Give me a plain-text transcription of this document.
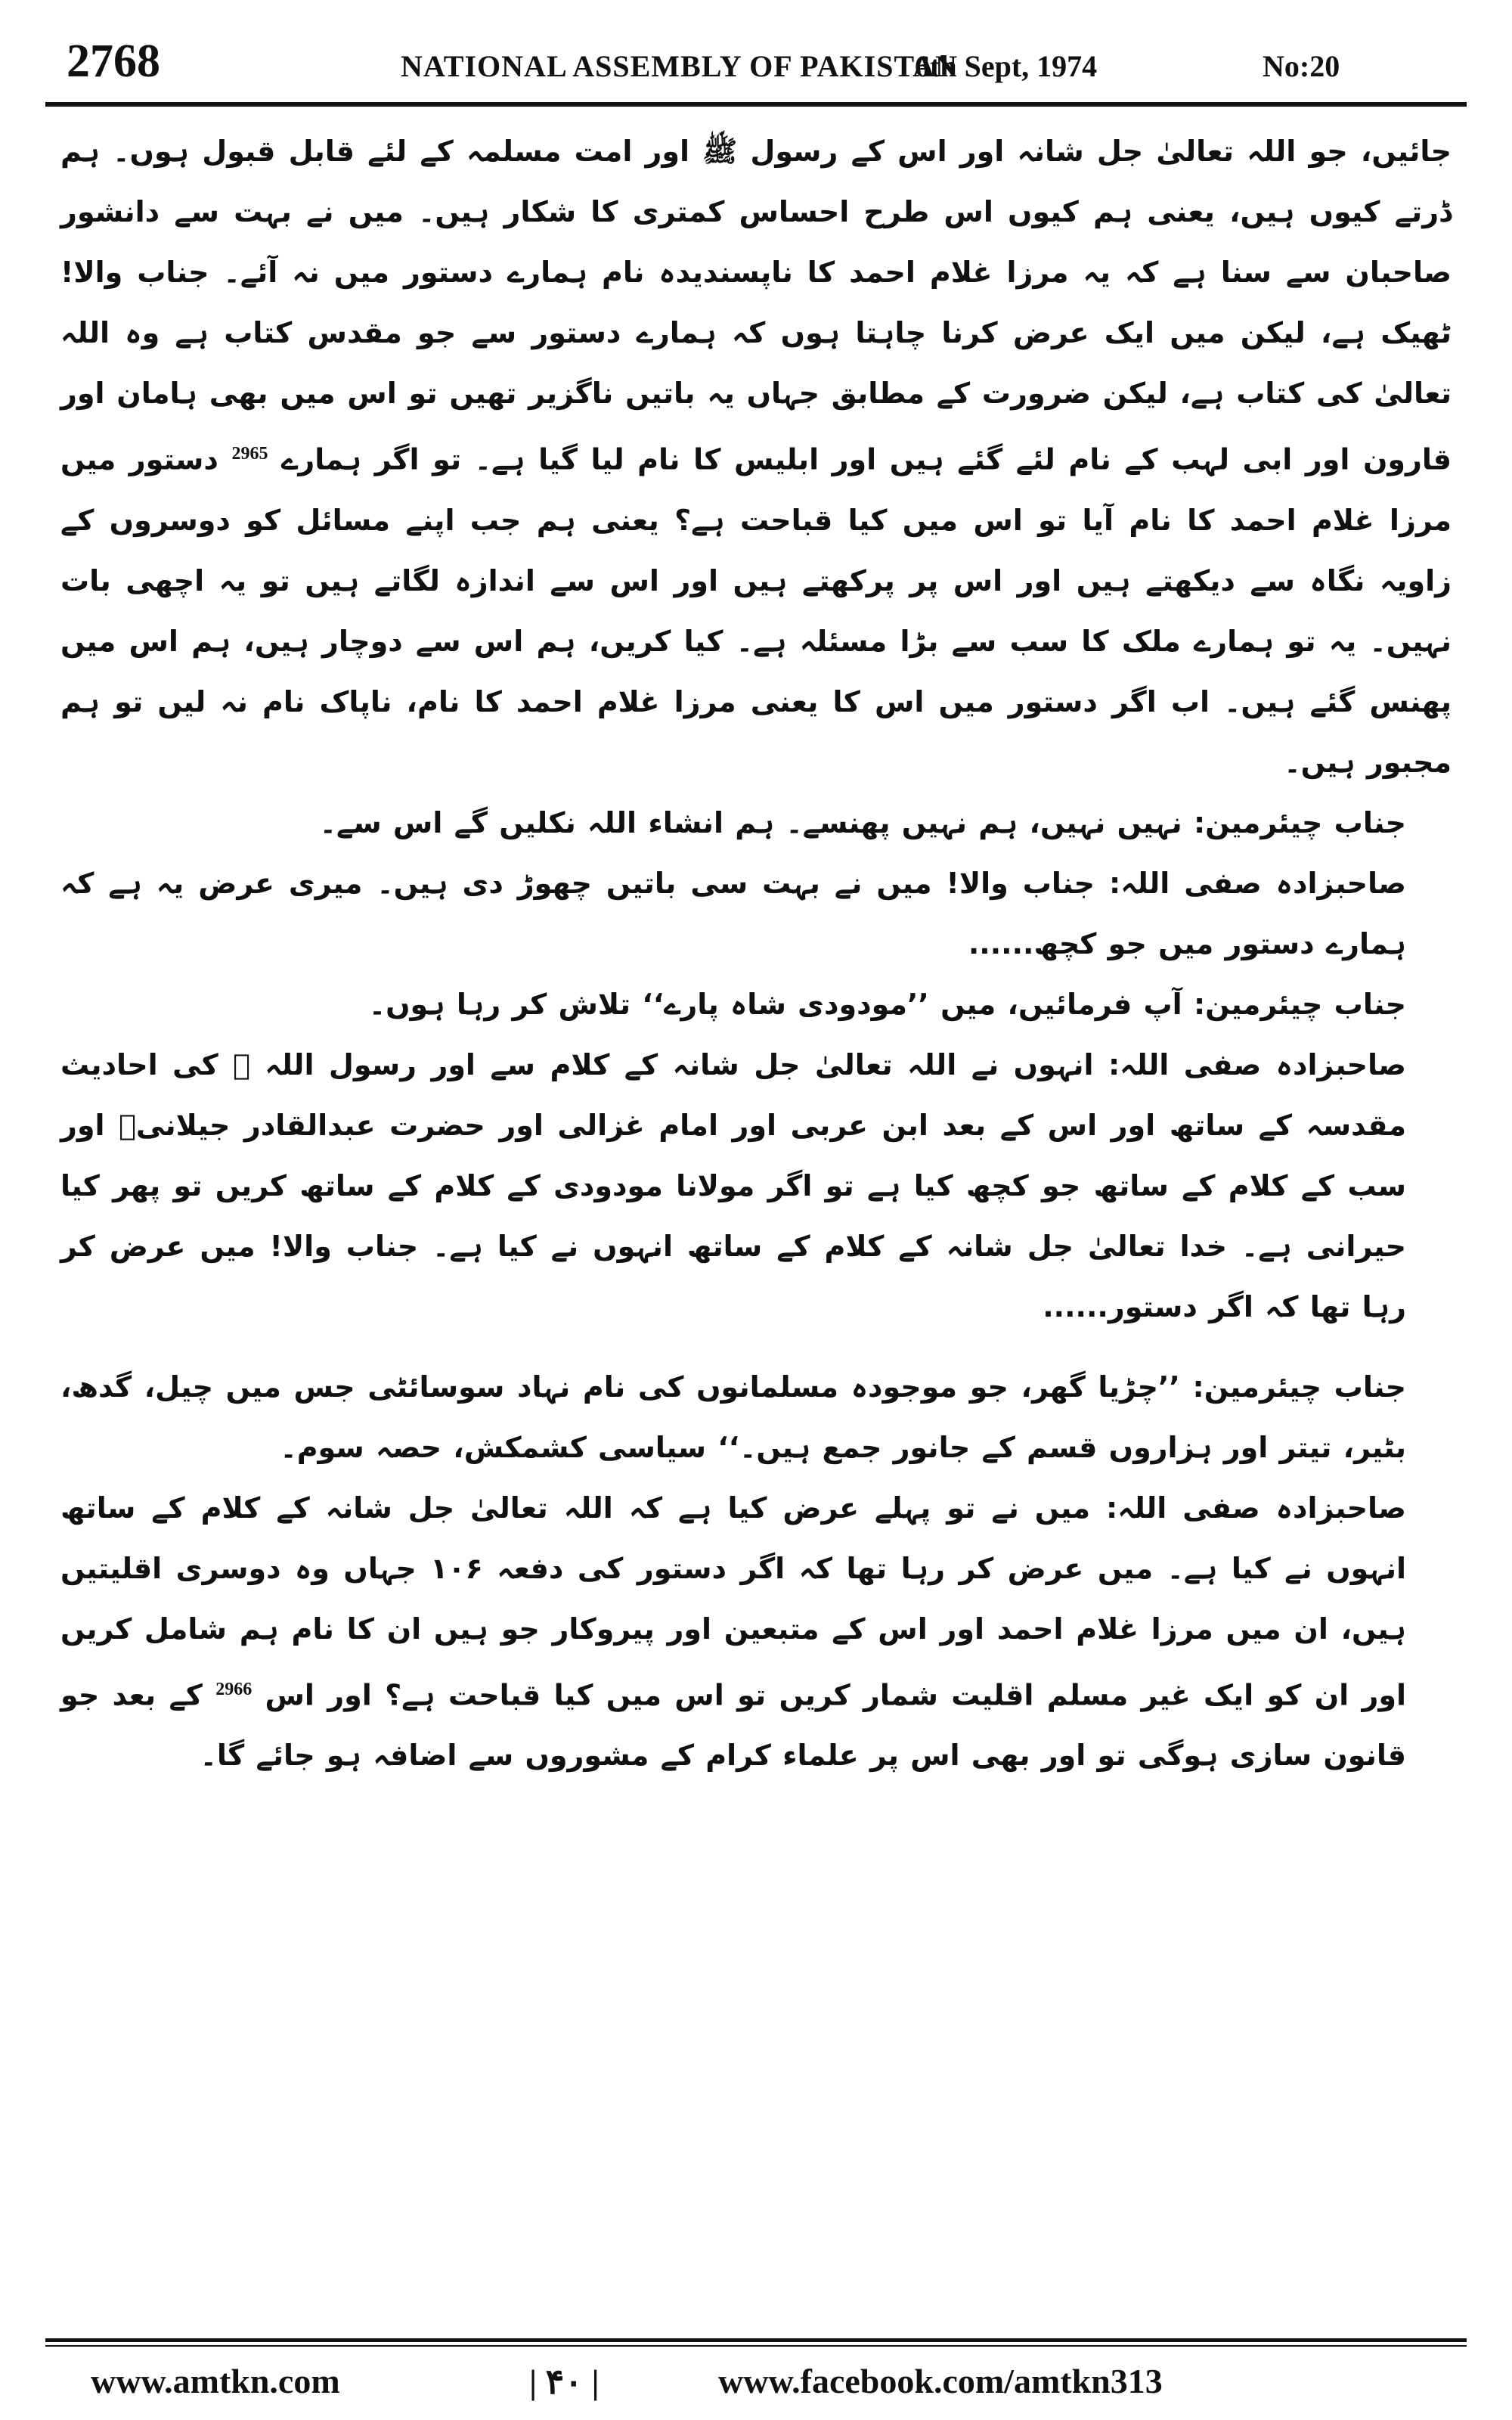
2768	NATIONAL ASSEMBLY OF PAKISTAN
6th Sept, 1974	No:20

جائیں، جو اللہ تعالیٰ جل شانہ اور اس کے رسول ﷺ اور امت مسلمہ کے لئے قابل قبول ہوں۔ ہم ڈرتے کیوں ہیں، یعنی ہم کیوں اس طرح احساس کمتری کا شکار ہیں۔ میں نے بہت سے دانشور صاحبان سے سنا ہے کہ یہ مرزا غلام احمد کا ناپسندیدہ نام ہمارے دستور میں نہ آئے۔ جناب والا! ٹھیک ہے، لیکن میں ایک عرض کرنا چاہتا ہوں کہ ہمارے دستور سے جو مقدس کتاب ہے وہ اللہ تعالیٰ کی کتاب ہے، لیکن ضرورت کے مطابق جہاں یہ باتیں ناگزیر تھیں تو اس میں بھی ہامان اور قارون اور ابی لہب کے نام لئے گئے ہیں اور ابلیس کا نام لیا گیا ہے۔ تو اگر ہمارے $^{2965}$ دستور میں مرزا غلام احمد کا نام آیا تو اس میں کیا قباحت ہے؟ یعنی ہم جب اپنے مسائل کو دوسروں کے زاویہ نگاہ سے دیکھتے ہیں اور اس پر پرکھتے ہیں اور اس سے اندازہ لگاتے ہیں تو یہ اچھی بات نہیں۔ یہ تو ہمارے ملک کا سب سے بڑا مسئلہ ہے۔ کیا کریں، ہم اس سے دوچار ہیں، ہم اس میں پھنس گئے ہیں۔ اب اگر دستور میں اس کا یعنی مرزا غلام احمد کا نام، ناپاک نام نہ لیں تو ہم مجبور ہیں۔

جناب چیئرمین: نہیں نہیں، ہم نہیں پھنسے۔ ہم انشاء اللہ نکلیں گے اس سے۔

صاحبزادہ صفی اللہ: جناب والا! میں نے بہت سی باتیں چھوڑ دی ہیں۔ میری عرض یہ ہے کہ ہمارے دستور میں جو کچھ......

جناب چیئرمین: آپ فرمائیں، میں ’’مودودی شاہ پارے‘‘ تلاش کر رہا ہوں۔

صاحبزادہ صفی اللہ: انہوں نے اللہ تعالیٰ جل شانہ کے کلام سے اور رسول اللہ ﷺ کی احادیث مقدسہ کے ساتھ اور اس کے بعد ابن عربی اور امام غزالی اور حضرت عبدالقادر جیلانیؒ اور سب کے کلام کے ساتھ جو کچھ کیا ہے تو اگر مولانا مودودی کے کلام کے ساتھ کریں تو پھر کیا حیرانی ہے۔ خدا تعالیٰ جل شانہ کے کلام کے ساتھ انہوں نے کیا ہے۔ جناب والا! میں عرض کر رہا تھا کہ اگر دستور......

جناب چیئرمین: ’’چڑیا گھر، جو موجودہ مسلمانوں کی نام نہاد سوسائٹی جس میں چیل، گدھ، بٹیر، تیتر اور ہزاروں قسم کے جانور جمع ہیں۔‘‘ سیاسی کشمکش، حصہ سوم۔

صاحبزادہ صفی اللہ: میں نے تو پہلے عرض کیا ہے کہ اللہ تعالیٰ جل شانہ کے کلام کے ساتھ انہوں نے کیا ہے۔ میں عرض کر رہا تھا کہ اگر دستور کی دفعہ ۱۰۶ جہاں وہ دوسری اقلیتیں ہیں، ان میں مرزا غلام احمد اور اس کے متبعین اور پیروکار جو ہیں ان کا نام ہم شامل کریں اور ان کو ایک غیر مسلم اقلیت شمار کریں تو اس میں کیا قباحت ہے؟ اور اس $^{2966}$ کے بعد جو قانون سازی ہوگی تو اور بھی اس پر علماء کرام کے مشوروں سے اضافہ ہو جائے گا۔

www.amtkn.com	| ۴۰ |	www.facebook.com/amtkn313
